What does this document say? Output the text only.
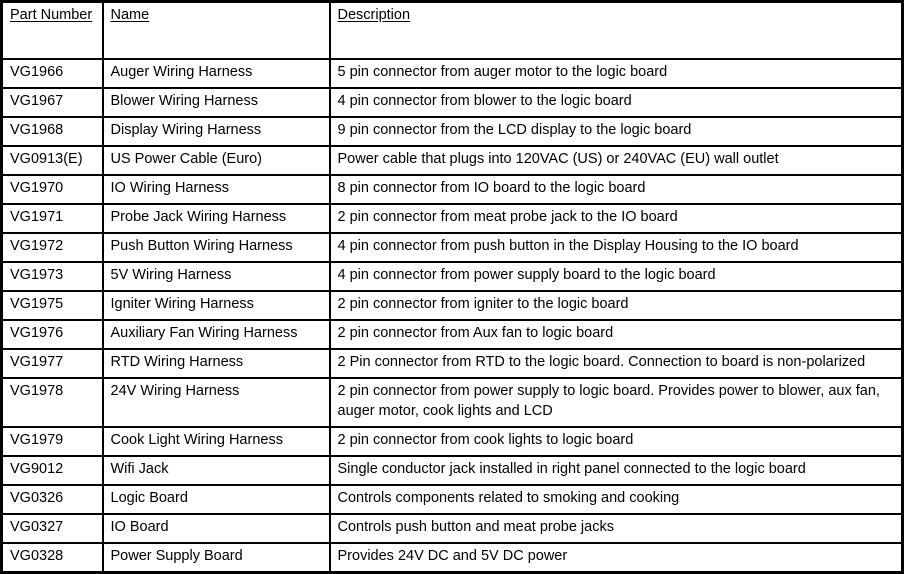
Part Number	Name	Description
VG1966	Auger Wiring Harness	5 pin connector from auger motor to the logic board
VG1967	Blower Wiring Harness	4 pin connector from blower to the logic board
VG1968	Display Wiring Harness	9 pin connector from the LCD display to the logic board
VG0913(E)	US Power Cable (Euro)	Power cable that plugs into 120VAC (US) or 240VAC (EU) wall outlet
VG1970	IO Wiring Harness	8 pin connector from IO board to the logic board
VG1971	Probe Jack Wiring Harness	2 pin connector from meat probe jack to the IO board
VG1972	Push Button Wiring Harness	4 pin connector from push button in the Display Housing to the IO board
VG1973	5V Wiring Harness	4 pin connector from power supply board to the logic board
VG1975	Igniter Wiring Harness	2 pin connector from igniter to the logic board
VG1976	Auxiliary Fan Wiring Harness	2 pin connector from Aux fan to logic board
VG1977	RTD Wiring Harness	2 Pin connector from RTD to the logic board. Connection to board is non-polarized
VG1978	24V Wiring Harness	2 pin connector from power supply to logic board. Provides power to blower, aux fan, auger motor, cook lights and LCD
VG1979	Cook Light Wiring Harness	2 pin connector from cook lights to logic board
VG9012	Wifi Jack	Single conductor jack installed in right panel connected to the logic board
VG0326	Logic Board	Controls components related to smoking and cooking
VG0327	IO Board	Controls push button and meat probe jacks
VG0328	Power Supply Board	Provides 24V DC and 5V DC power
